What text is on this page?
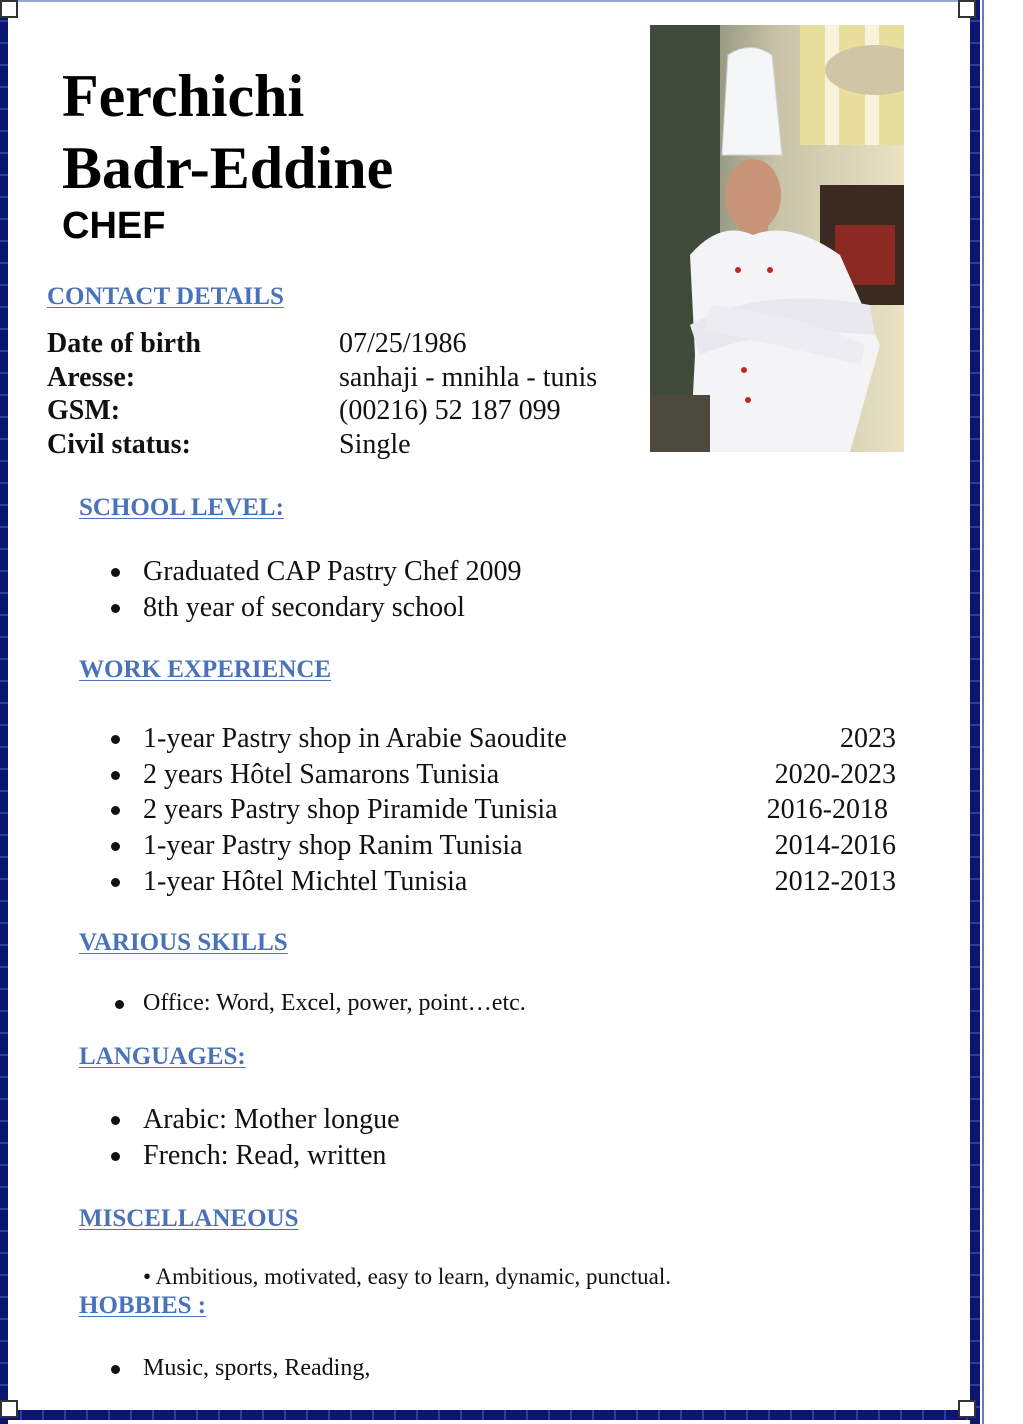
Ferchichi
Badr-Eddine
CHEF
CONTACT DETAILS
Date of birth	07/25/1986
Aresse:	sanhaji - mnihla - tunis
GSM:	(00216) 52 187 099
Civil status:	Single
SCHOOL LEVEL:
Graduated CAP Pastry Chef 2009
8th year of secondary school
WORK EXPERIENCE
1-year Pastry shop in Arabie Saoudite	2023
2 years Hôtel Samarons Tunisia	2020-2023
2 years Pastry shop Piramide Tunisia	2016-2018
1-year Pastry shop Ranim Tunisia	2014-2016
1-year Hôtel Michtel Tunisia	2012-2013
VARIOUS SKILLS
Office: Word, Excel, power, point…etc.
LANGUAGES:
Arabic: Mother longue
French: Read, written
MISCELLANEOUS
• Ambitious, motivated, easy to learn, dynamic, punctual.
HOBBIES :
Music, sports, Reading,
